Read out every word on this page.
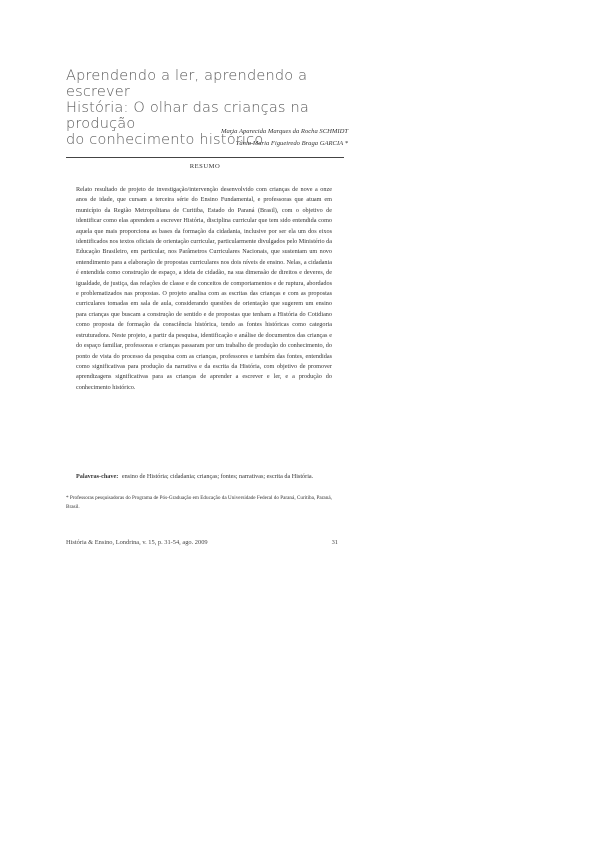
Aprendendo a ler, aprendendo a escrever
História: O olhar das crianças na produção
do conhecimento histórico
Maria Aparecida Marques da Rocha SCHMIDT
Tânia Maria Figueiredo Braga GARCIA *
RESUMO
Relato resultado de projeto de investigação/intervenção desenvolvido com crianças de nove a onze anos de idade, que cursam a terceira série do Ensino Fundamental, e professoras que atuam em município da Região Metropolitana de Curitiba, Estado do Paraná (Brasil), com o objetivo de identificar como elas aprendem a escrever História, disciplina curricular que tem sido entendida como aquela que mais proporciona as bases da formação da cidadania, inclusive por ser ela um dos eixos identificados nos textos oficiais de orientação curricular, particularmente divulgados pelo Ministério da Educação Brasileiro, em particular, nos Parâmetros Curriculares Nacionais, que sustentam um novo entendimento para a elaboração de propostas curriculares nos dois níveis de ensino. Nelas, a cidadania é entendida como construção de espaço, a ideia de cidadão, na sua dimensão de direitos e deveres, de igualdade, de justiça, das relações de classe e de conceitos de comportamentos e de ruptura, abordados e problematizados nas propostas. O projeto analisa com as escritas das crianças e com as propostas curriculares tomadas em sala de aula, considerando questões de orientação que sugerem um ensino para crianças que buscam a construção de sentido e de propostas que tenham a História do Cotidiano como proposta de formação da consciência histórica, tendo as fontes históricas como categoria estruturadora. Neste projeto, a partir da pesquisa, identificação e análise de documentos das crianças e do espaço familiar, professoras e crianças passaram por um trabalho de produção do conhecimento, do ponto de vista do processo da pesquisa com as crianças, professores e também das fontes, entendidas como significativas para produção da narrativa e da escrita da História, com objetivo de promover aprendizagens significativas para as crianças de aprender a escrever e ler, e a produção do conhecimento histórico.
Palavras-chave: ensino de História; cidadania; crianças; fontes; narrativas; escrita da História.
* Professoras pesquisadoras do Programa de Pós-Graduação em Educação da Universidade Federal do Paraná, Curitiba, Paraná, Brasil.
História & Ensino, Londrina, v. 15, p. 31-54, ago. 2009	31
